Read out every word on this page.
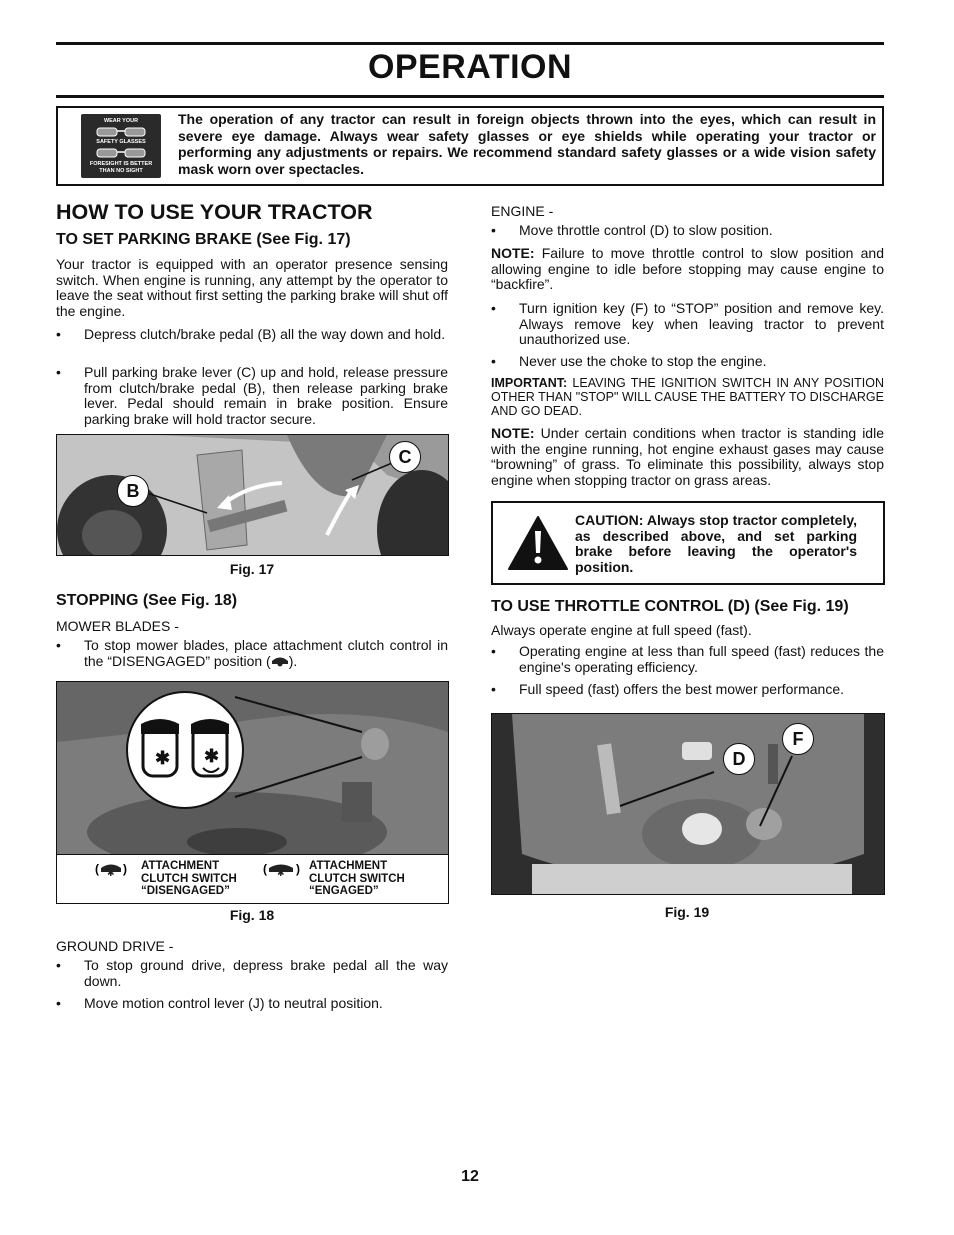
OPERATION
WEAR YOUR
SAFETY GLASSES
FORESIGHT IS BETTER
THAN NO SIGHT
The operation of any tractor can result in foreign objects thrown into the eyes, which can result in severe eye damage. Always wear safety glasses or eye shields while operating your tractor or performing any adjustments or repairs. We recommend standard safety glasses or a wide vision safety mask worn over spectacles.
HOW TO USE YOUR TRACTOR
TO SET PARKING BRAKE (See Fig. 17)
Your tractor is equipped with an operator presence sensing switch. When engine is running, any attempt by the operator to leave the seat without first setting the parking brake will shut off the engine.
• Depress clutch/brake pedal (B) all the way down and hold.
• Pull parking brake lever (C) up and hold, release pressure from clutch/brake pedal (B), then release parking brake lever. Pedal should remain in brake position. Ensure parking brake will hold tractor secure.
B
C
Fig. 17
STOPPING (See Fig. 18)
MOWER BLADES -
• To stop mower blades, place attachment clutch control in the “DISENGAGED” position ( ).
✱ ✱
( ✱ ) ATTACHMENT
CLUTCH SWITCH
“DISENGAGED”
( ✱ ) ATTACHMENT
CLUTCH SWITCH
“ENGAGED”
Fig. 18
GROUND DRIVE -
• To stop ground drive, depress brake pedal all the way down.
• Move motion control lever (J) to neutral position.
ENGINE -
• Move throttle control (D) to slow position.
NOTE: Failure to move throttle control to slow position and allowing engine to idle before stopping may cause engine to “backfire”.
• Turn ignition key (F) to “STOP” position and remove key. Always remove key when leaving tractor to prevent unauthorized use.
• Never use the choke to stop the engine.
IMPORTANT: LEAVING THE IGNITION SWITCH IN ANY POSITION OTHER THAN "STOP" WILL CAUSE THE BATTERY TO DISCHARGE AND GO DEAD.
NOTE: Under certain conditions when tractor is standing idle with the engine running, hot engine exhaust gases may cause “browning” of grass. To eliminate this possibility, always stop engine when stopping tractor on grass areas.
CAUTION: Always stop tractor completely, as described above, and set parking brake before leaving the operator's position.
TO USE THROTTLE CONTROL (D) (See Fig. 19)
Always operate engine at full speed (fast).
• Operating engine at less than full speed (fast) reduces the engine's operating efficiency.
• Full speed (fast) offers the best mower performance.
D
F
Fig. 19
12
